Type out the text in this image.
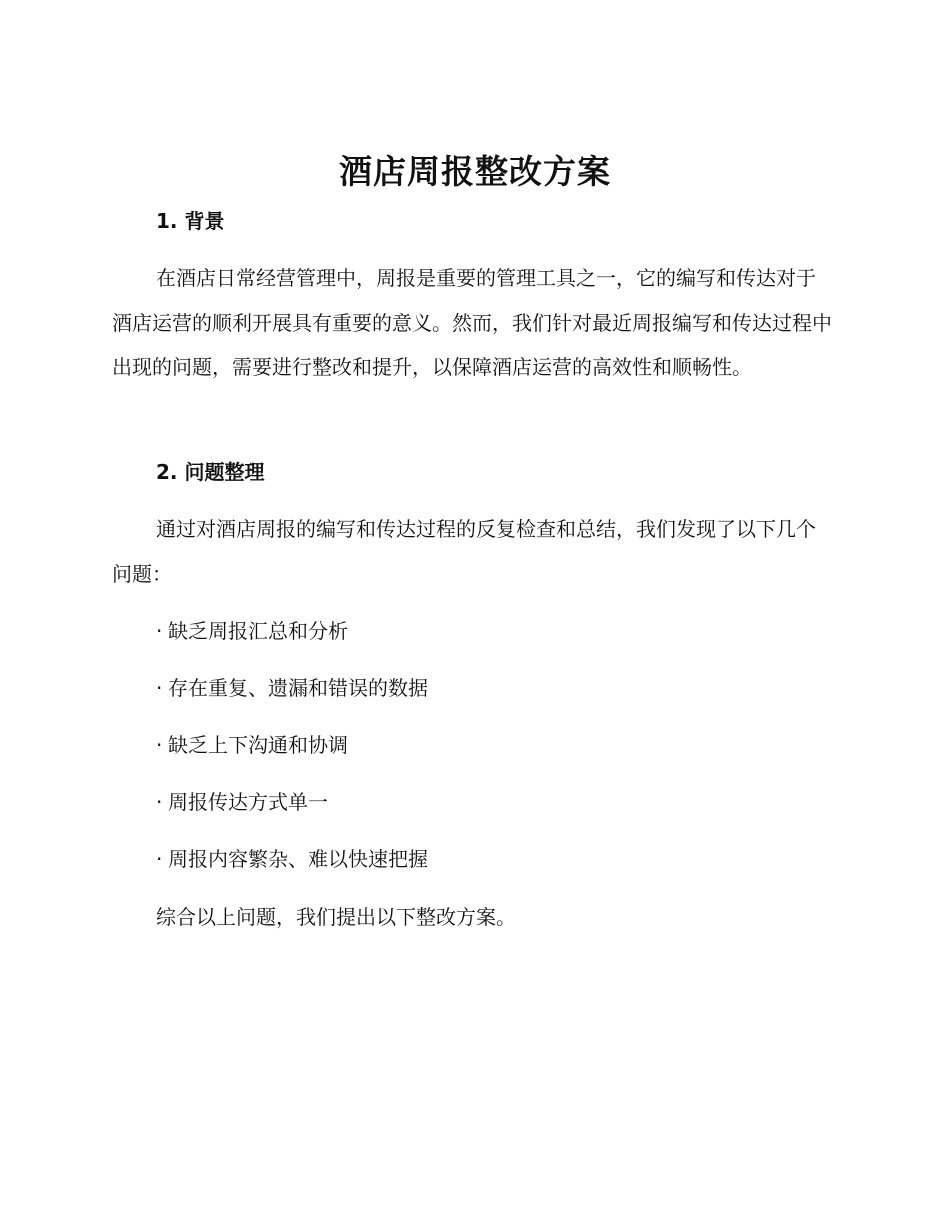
酒店周报整改方案
1. 背景

在酒店日常经营管理中，周报是重要的管理工具之一，它的编写和传达对于酒店运营的顺利开展具有重要的意义。然而，我们针对最近周报编写和传达过程中出现的问题，需要进行整改和提升，以保障酒店运营的高效性和顺畅性。

2. 问题整理

通过对酒店周报的编写和传达过程的反复检查和总结，我们发现了以下几个问题：

· 缺乏周报汇总和分析
· 存在重复、遗漏和错误的数据
· 缺乏上下沟通和协调
· 周报传达方式单一
· 周报内容繁杂、难以快速把握
综合以上问题，我们提出以下整改方案。
